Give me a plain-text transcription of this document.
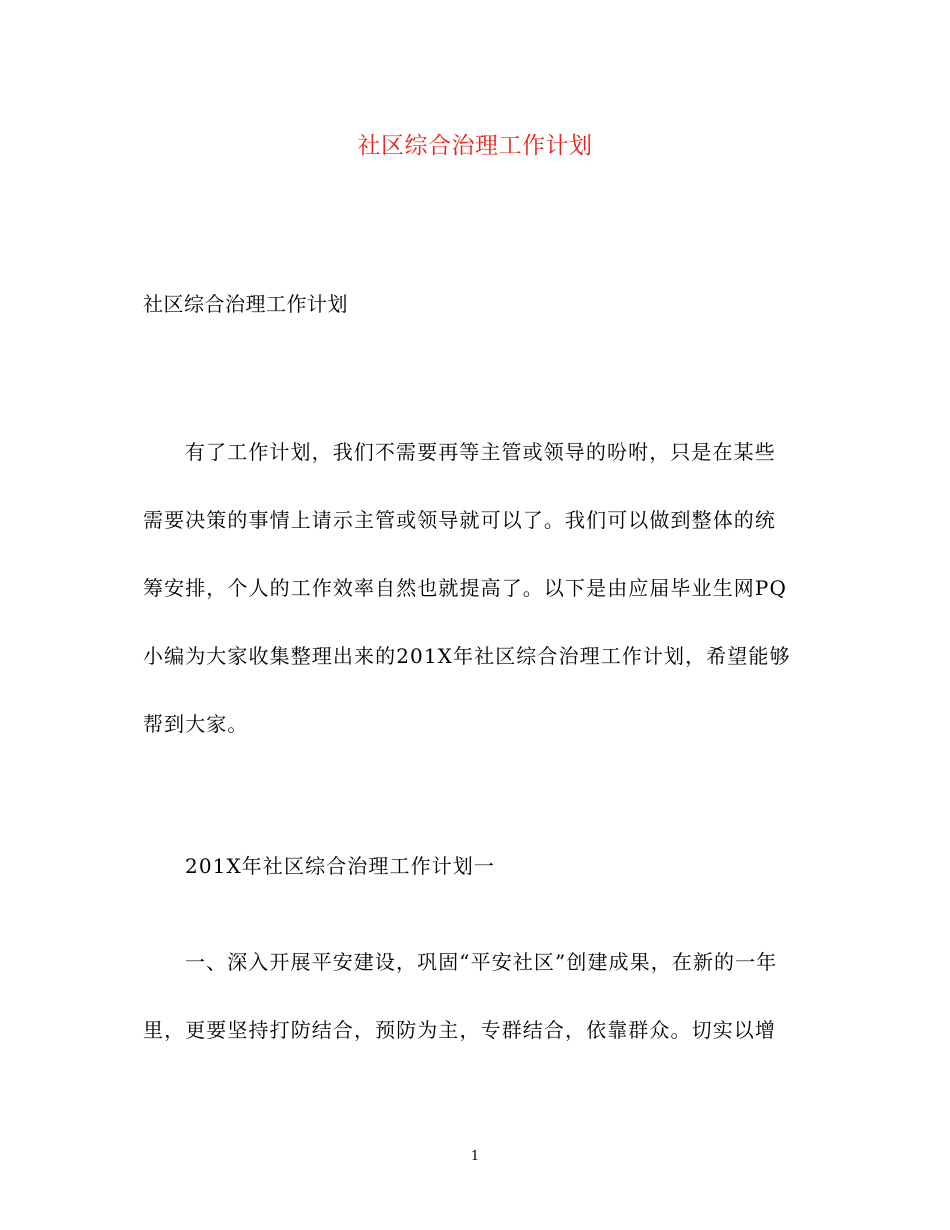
社区综合治理工作计划
社区综合治理工作计划
有了工作计划，我们不需要再等主管或领导的吩咐，只是在某些
需要决策的事情上请示主管或领导就可以了。我们可以做到整体的统
筹安排，个人的工作效率自然也就提高了。以下是由应届毕业生网PQ
小编为大家收集整理出来的201X年社区综合治理工作计划，希望能够
帮到大家。
201X年社区综合治理工作计划一
一、深入开展平安建设，巩固“平安社区”创建成果，在新的一年
里，更要坚持打防结合，预防为主，专群结合，依靠群众。切实以增
1
